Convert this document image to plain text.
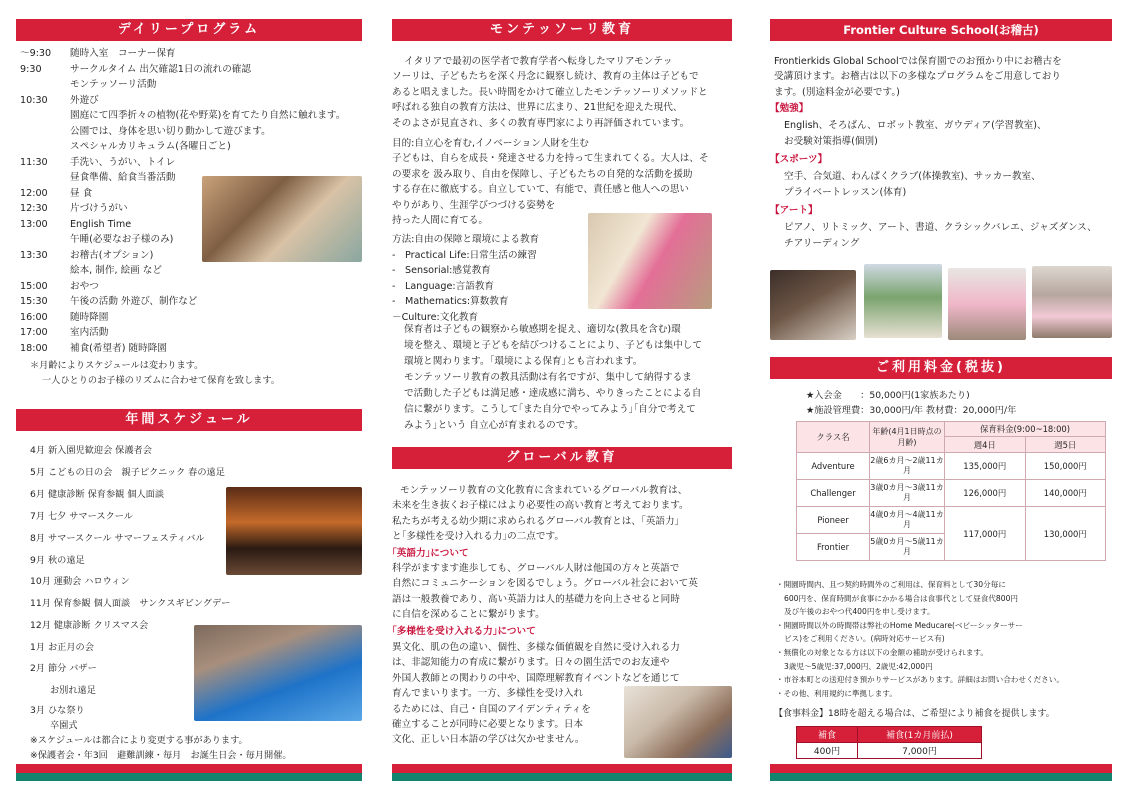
デイリープログラム
～9:30 随時入室　コーナー保育
9:30	サークルタイム 出欠確認1日の流れの確認
モンテッソーリ活動
10:30 外遊び
園庭にて四季折々の植物(花や野菜)を育てたり自然に触れます。
公園では、身体を思い切り動かして遊びます。
スペシャルカリキュラム(各曜日ごと)
11:30 手洗い、うがい、トイレ
昼食準備、給食当番活動
12:00 昼 食
12:30 片づけうがい
13:00 English Time
午睡(必要なお子様のみ)
13:30 お稽古(オプション)
絵本, 制作, 絵画 など
15:00 おやつ
15:30 午後の活動 外遊び、制作など
16:00 随時降園
17:00 室内活動
18:00 補食(希望者) 随時降園
＊月齢によりスケジュールは変わります。
一人ひとりのお子様のリズムに合わせて保育を致します。
年間スケジュール
4月 新入園児歓迎会 保護者会
5月 こどもの日の会　親子ピクニック 春の遠足
6月 健康診断 保育参観 個人面談
7月 七夕 サマースクール
8月 サマースクール サマーフェスティバル
9月 秋の遠足
10月 運動会 ハロウィン
11月 保育参観 個人面談　サンクスギビングデー
12月 健康診断 クリスマス会
1月 お正月の会
2月 節分 バザー
お別れ遠足
3月 ひな祭り
卒園式
※スケジュールは都合により変更する事があります。
※保護者会・年3回　避難訓練・毎月　お誕生日会・毎月開催。
モンテッソーリ教育
イタリアで最初の医学者で教育学者へ転身したマリアモンテッ
ソーリは、子どもたちを深く丹念に観察し続け、教育の主体は子どもで
あると唱えました。長い時間をかけて確立したモンテッソーリメソッドと
呼ばれる独自の教育方法は、世界に広まり、21世紀を迎えた現代、
そのよさが見直され、多くの教育専門家により再評価されています。
目的:自立心を育む,イノベーション人財を生む
子どもは、自らを成長・発達させる力を持って生まれてくる。大人は、そ
の要求を 汲み取り、自由を保障し、子どもたちの自発的な活動を援助
する存在に徹底する。自立していて、有能で、責任感と他人への思い
やりがあり、生涯学びつづける姿勢を
持った人間に育てる。
方法:自由の保障と環境による教育
-　Practical Life:日常生活の練習
-　Sensorial:感覚教育
-　Language:言語教育
-　Mathematics:算数教育
－Culture:文化教育
保育者は子どもの観察から敏感期を捉え、適切な(教具を含む)環
境を整え、環境と子どもを結びつけることにより、子どもは集中して
環境と関わります。｢環境による保育｣とも言われます。
モンテッソーリ教育の教具活動は有名ですが、集中して納得するま
で活動した子どもは満足感・達成感に満ち、やりきったことによる自
信に繋がります。こうして｢また自分でやってみよう｣｢自分で考えて
みよう｣という 自立心が育まれるのです。
グローバル教育
モンテッソーリ教育の文化教育に含まれているグローバル教育は、
未来を生き抜くお子様にはより必要性の高い教育と考えております。
私たちが考える幼少期に求められるグローバル教育とは、｢英語力｣
と｢多様性を受け入れる力｣の二点です。
｢英語力｣について
科学がますます進歩しても、グローバル人財は他国の方々と英語で
自然にコミュニケーションを図るでしょう。グローバル社会において英
語は一般教養であり、高い英語力は人的基礎力を向上させると同時
に自信を深めることに繋がります。
｢多様性を受け入れる力｣について
異文化、肌の色の違い、個性、多様な価値観を自然に受け入れる力
は、非認知能力の育成に繋がります。日々の園生活でのお友達や
外国人教師との関わりの中や、国際理解教育イベントなどを通じて
育んでまいります。一方、多様性を受け入れ
るためには、自己・自国のアイデンティティを
確立することが同時に必要となります。日本
文化、正しい日本語の学びは欠かせません。
Frontier Culture School(お稽古)
Frontierkids Global Schoolでは保育園でのお預かり中にお稽古を
受講頂けます。お稽古は以下の多様なプログラムをご用意しており
ます。(別途料金が必要です。)
【勉強】
English、そろばん、ロボット教室、ガウディア(学習教室)、
お受験対策指導(個別)
【スポーツ】
空手、合気道、わんぱくクラブ(体操教室)、サッカー教室、
プライベートレッスン(体育)
【アート】
ピアノ、リトミック、アート、書道、クラシックバレエ、ジャズダンス、
チアリーディング
ご利用料金(税抜)
★入会金　　：50,000円(1家族あたり)
★施設管理費：30,000円/年 教材費：20,000円/年
クラス名	年齢(4月1日時点の月齢)	保育料金(9:00~18:00)	
		週4日	週5日
Adventure	2歳6カ月～2歳11カ月	135,000円	150,000円
Challenger	3歳0カ月～3歳11カ月	126,000円	140,000円
Pioneer	4歳0カ月～4歳11カ月	117,000円	130,000円
Frontier	5歳0カ月～5歳11カ月		
・開園時間内、且つ契約時間外のご利用は、保育料として30分毎に
600円を、保育時間が食事にかかる場合は食事代として昼食代800円
及び午後のおやつ代400円を申し受けます。
・開園時間以外の時間帯は弊社のHome Meducare(ベビーシッターサー
ビス)をご利用ください。(病時対応サービス有)
・無償化の対象となる方は以下の金額の補助が受けられます。
3歳児～5歳児:37,000円、2歳児:42,000円
・市谷本町との送迎付き預かりサービスがあります。詳細はお問い合わせください。
・その他、利用規約に準拠します。
【食事料金】18時を超える場合は、ご希望により補食を提供します。
補食	補食(1カ月前払)
400円	7,000円
